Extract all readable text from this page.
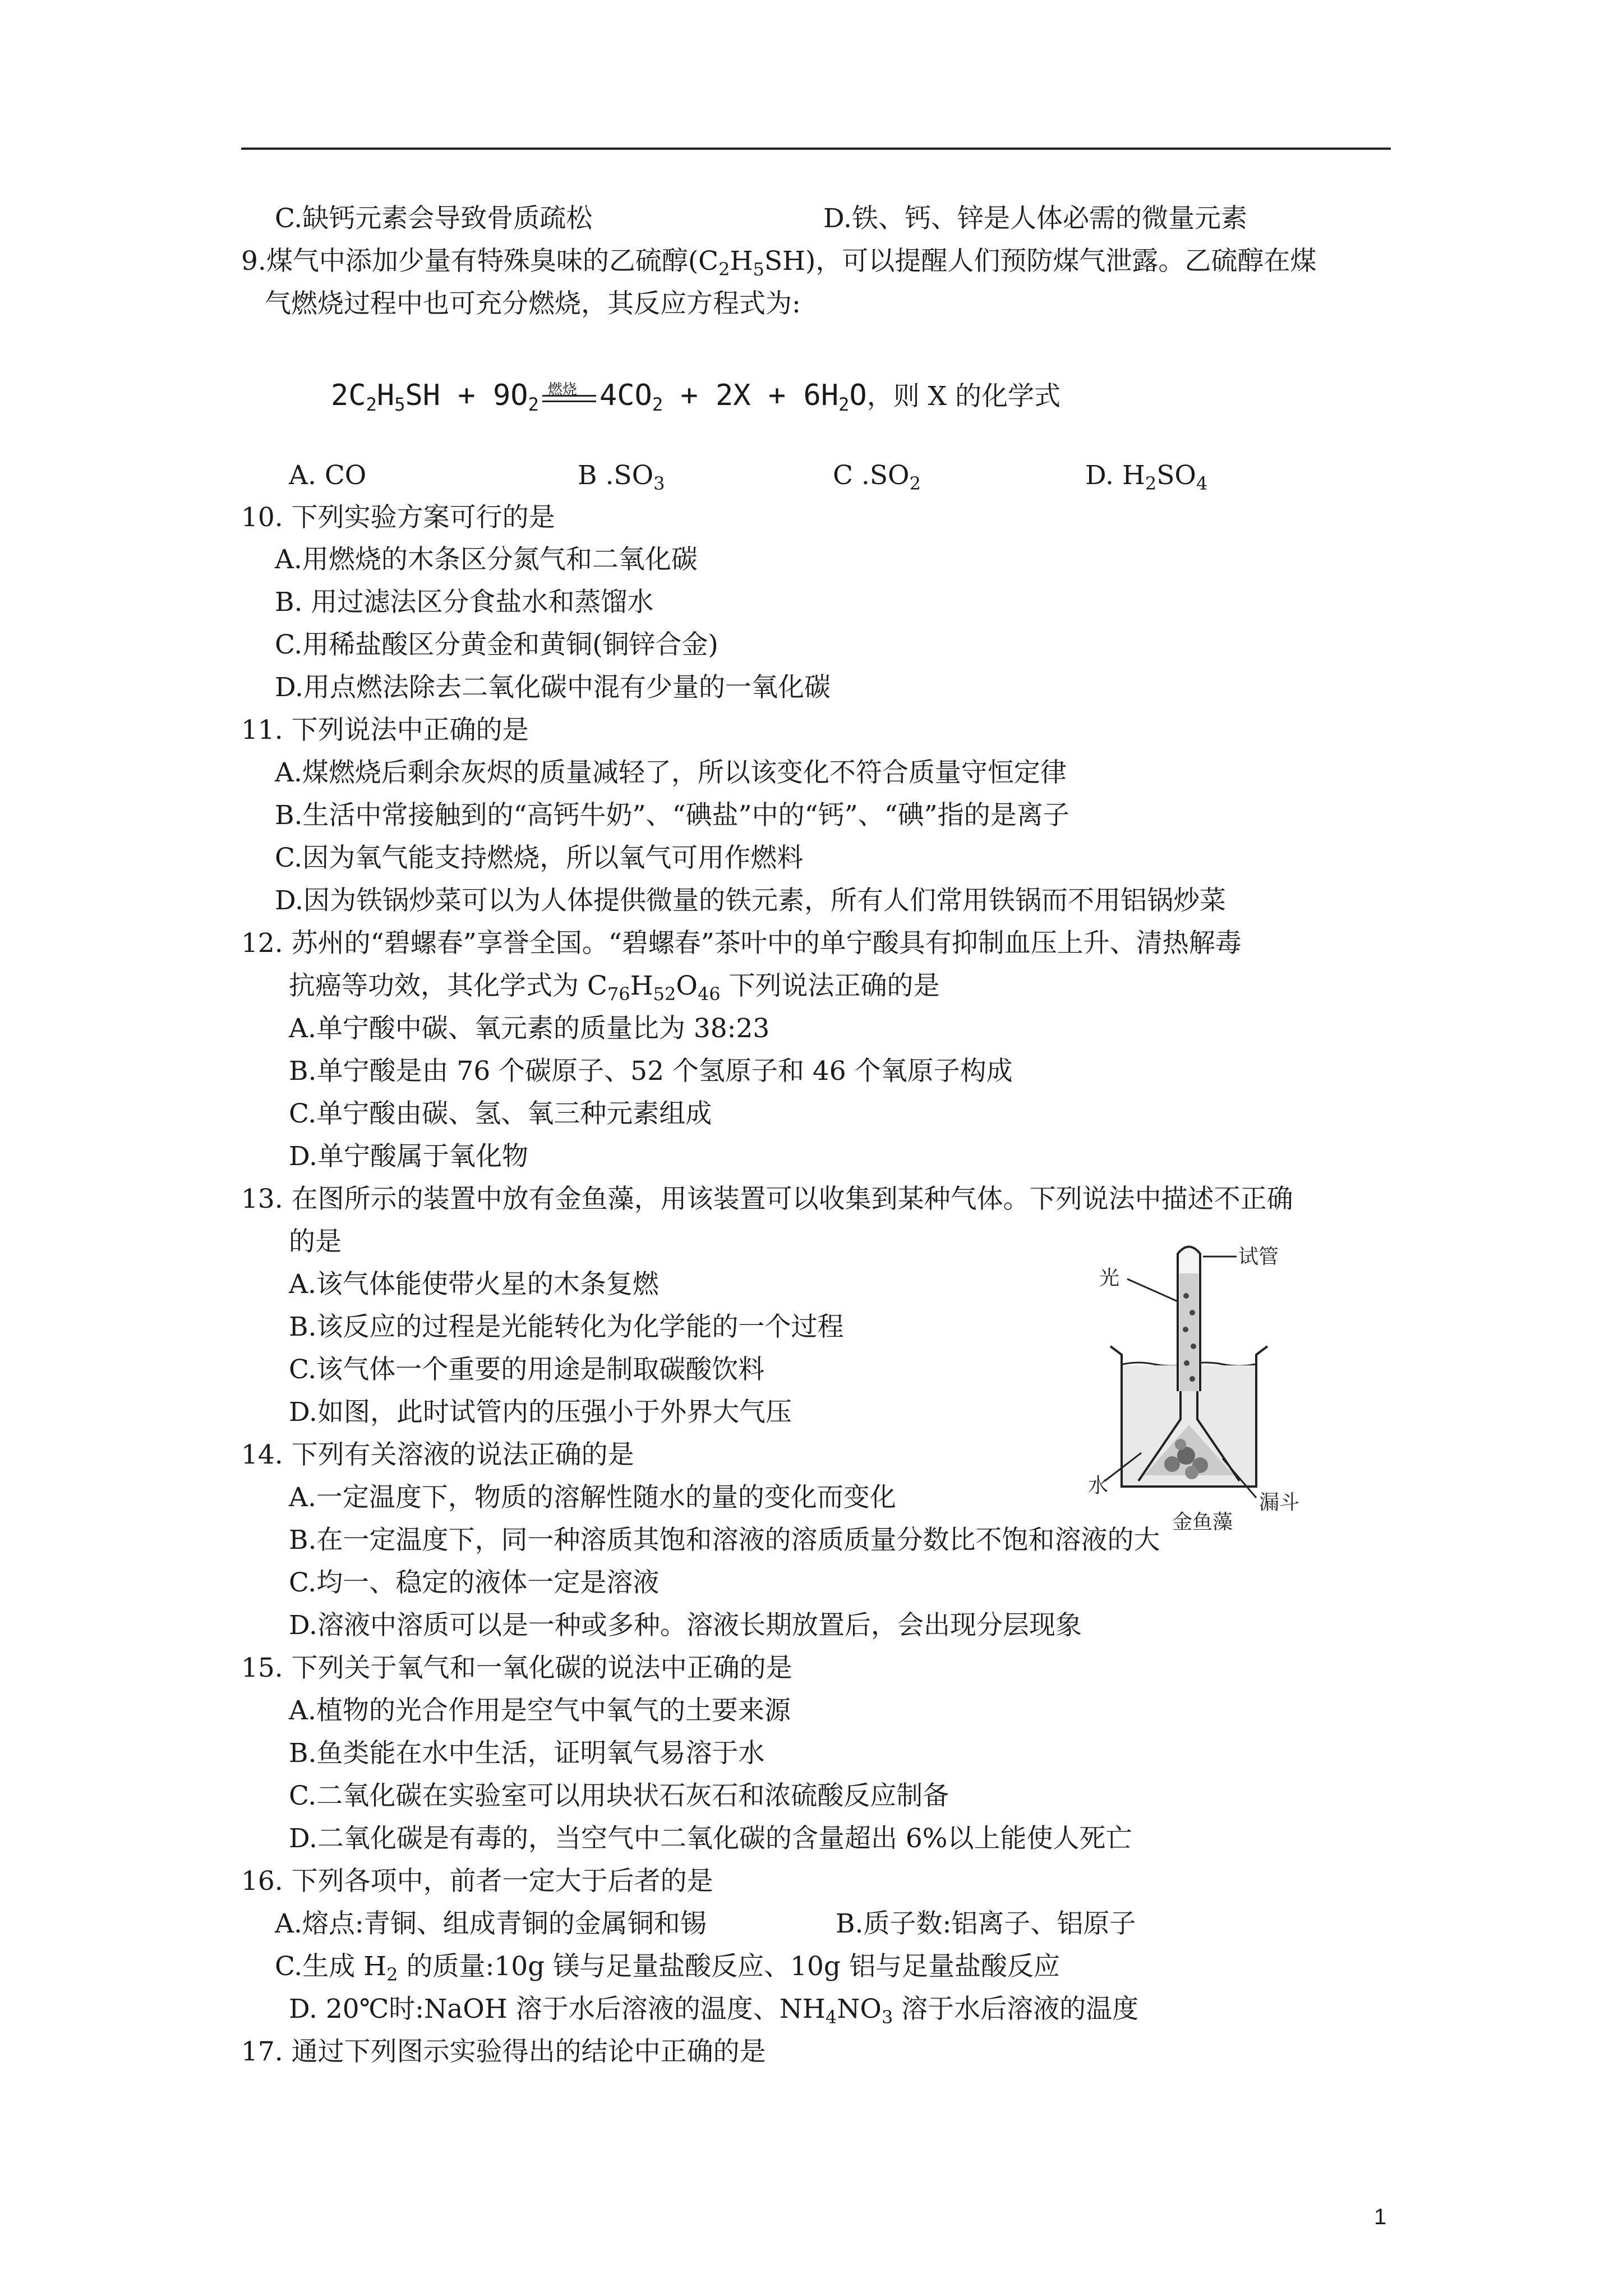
C.缺钙元素会导致骨质疏松	D.铁、钙、锌是人体必需的微量元素
9.煤气中添加少量有特殊臭味的乙硫醇$(C_2H_5SH)$，可以提醒人们预防煤气泄露。乙硫醇在煤
气燃烧过程中也可充分燃烧，其反应方程式为:
$2C_2H_5SH + 9O_2$
燃烧 $4CO_2 + 2X + 6H_2O$，则 X 的化学式
A. CO	B $.SO_3$	C $.SO_2$	D. $H_2SO_4$
10. 下列实验方案可行的是
A.用燃烧的木条区分氮气和二氧化碳
B. 用过滤法区分食盐水和蒸馏水
C.用稀盐酸区分黄金和黄铜(铜锌合金)
D.用点燃法除去二氧化碳中混有少量的一氧化碳
11. 下列说法中正确的是
A.煤燃烧后剩余灰烬的质量减轻了，所以该变化不符合质量守恒定律
B.生活中常接触到的“高钙牛奶”、“碘盐”中的“钙”、“碘”指的是离子
C.因为氧气能支持燃烧，所以氧气可用作燃料
D.因为铁锅炒菜可以为人体提供微量的铁元素，所有人们常用铁锅而不用铝锅炒菜
12. 苏州的“碧螺春”享誉全国。“碧螺春”茶叶中的单宁酸具有抑制血压上升、清热解毒
抗癌等功效，其化学式为 $C_{76}H_{52}O_{46}$ 下列说法正确的是
A.单宁酸中碳、氧元素的质量比为 38:23
B.单宁酸是由 76 个碳原子、52 个氢原子和 46 个氧原子构成
C.单宁酸由碳、氢、氧三种元素组成
D.单宁酸属于氧化物
13. 在图所示的装置中放有金鱼藻，用该装置可以收集到某种气体。下列说法中描述不正确
的是
A.该气体能使带火星的木条复燃
B.该反应的过程是光能转化为化学能的一个过程
C.该气体一个重要的用途是制取碳酸饮料
D.如图，此时试管内的压强小于外界大气压
试管
光
水
漏斗
金鱼藻
14. 下列有关溶液的说法正确的是
A.一定温度下，物质的溶解性随水的量的变化而变化
B.在一定温度下，同一种溶质其饱和溶液的溶质质量分数比不饱和溶液的大
C.均一、稳定的液体一定是溶液
D.溶液中溶质可以是一种或多种。溶液长期放置后，会出现分层现象
15. 下列关于氧气和一氧化碳的说法中正确的是
A.植物的光合作用是空气中氧气的土要来源
B.鱼类能在水中生活，证明氧气易溶于水
C.二氧化碳在实验室可以用块状石灰石和浓硫酸反应制备
D.二氧化碳是有毒的，当空气中二氧化碳的含量超出 6%以上能使人死亡
16. 下列各项中，前者一定大于后者的是
A.熔点:青铜、组成青铜的金属铜和锡	B.质子数:铝离子、铝原子
C.生成 $H_2$ 的质量:10g 镁与足量盐酸反应、10g 铝与足量盐酸反应
D. 20℃时:NaOH 溶于水后溶液的温度、$NH_4NO_3$ 溶于水后溶液的温度
17. 通过下列图示实验得出的结论中正确的是
1
